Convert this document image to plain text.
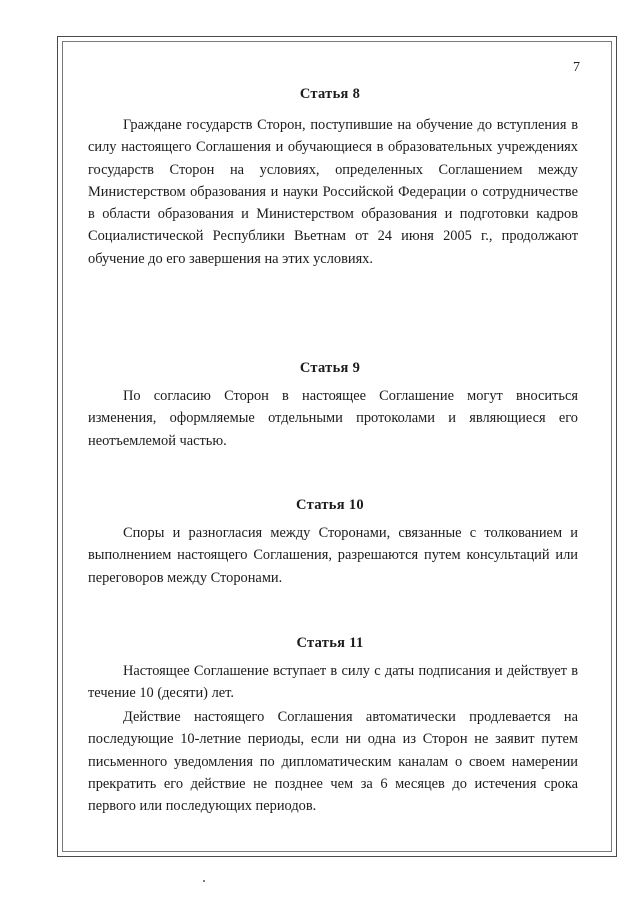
7
Статья 8

Граждане государств Сторон, поступившие на обучение до вступления в силу настоящего Соглашения и обучающиеся в образовательных учреждениях государств Сторон на условиях, определенных Соглашением между Министерством образования и науки Российской Федерации о сотрудничестве в области образования и Министерством образования и подготовки кадров Социалистической Республики Вьетнам от 24 июня 2005 г., продолжают обучение до его завершения на этих условиях.

Статья 9

По согласию Сторон в настоящее Соглашение могут вноситься изменения, оформляемые отдельными протоколами и являющиеся его неотъемлемой частью.

Статья 10

Споры и разногласия между Сторонами, связанные с толкованием и выполнением настоящего Соглашения, разрешаются путем консультаций или переговоров между Сторонами.

Статья 11

Настоящее Соглашение вступает в силу с даты подписания и действует в течение 10 (десяти) лет.

Действие настоящего Соглашения автоматически продлевается на последующие 10-летние периоды, если ни одна из Сторон не заявит путем письменного уведомления по дипломатическим каналам о своем намерении прекратить его действие не позднее чем за 6 месяцев до истечения срока первого или последующих периодов.
